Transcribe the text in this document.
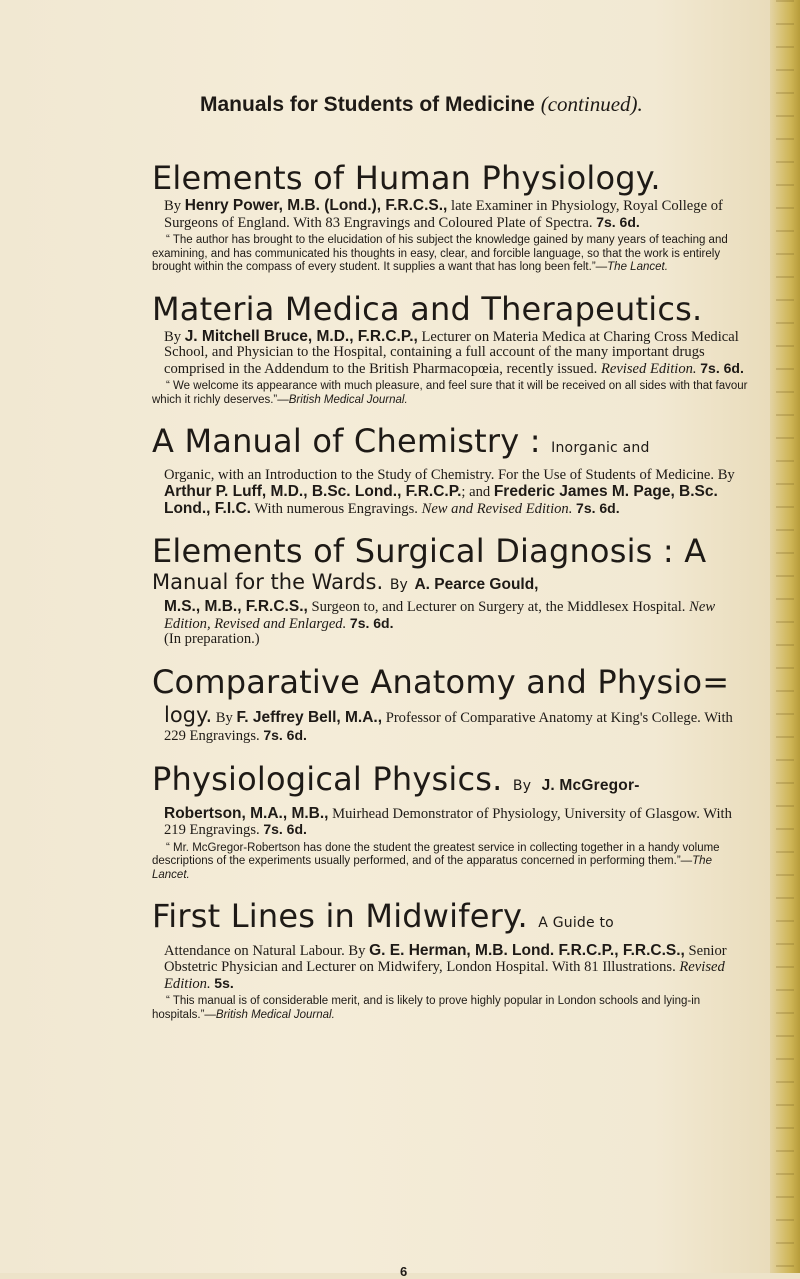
Manuals for Students of Medicine (continued).
Elements of Human Physiology.
By Henry Power, M.B. (Lond.), F.R.C.S., late Examiner in Physiology, Royal College of Surgeons of England. With 83 Engravings and Coloured Plate of Spectra. 7s. 6d.
“ The author has brought to the elucidation of his subject the knowledge gained by many years of teaching and examining, and has communicated his thoughts in easy, clear, and forcible language, so that the work is entirely brought within the compass of every student. It supplies a want that has long been felt.”—The Lancet.
Materia Medica and Therapeutics.
By J. Mitchell Bruce, M.D., F.R.C.P., Lecturer on Materia Medica at Charing Cross Medical School, and Physician to the Hospital, containing a full account of the many important drugs comprised in the Addendum to the British Pharmacopœia, recently issued. Revised Edition. 7s. 6d.
“ We welcome its appearance with much pleasure, and feel sure that it will be received on all sides with that favour which it richly deserves.”—British Medical Journal.
A Manual of Chemistry : Inorganic and
Organic, with an Introduction to the Study of Chemistry. For the Use of Students of Medicine. By Arthur P. Luff, M.D., B.Sc. Lond., F.R.C.P.; and Frederic James M. Page, B.Sc. Lond., F.I.C. With numerous Engravings. New and Revised Edition. 7s. 6d.
Elements of Surgical Diagnosis : A
Manual for the Wards. By A. Pearce Gould,
M.S., M.B., F.R.C.S., Surgeon to, and Lecturer on Surgery at, the Middlesex Hospital. New Edition, Revised and Enlarged. 7s. 6d.
(In preparation.)
Comparative Anatomy and Physio=
logy. By F. Jeffrey Bell, M.A., Professor of Comparative Anatomy at King's College. With 229 Engravings. 7s. 6d.
Physiological Physics. By J. McGregor-
Robertson, M.A., M.B., Muirhead Demonstrator of Physiology, University of Glasgow. With 219 Engravings. 7s. 6d.
“ Mr. McGregor-Robertson has done the student the greatest service in collecting together in a handy volume descriptions of the experiments usually performed, and of the apparatus concerned in performing them.”—The Lancet.
First Lines in Midwifery. A Guide to
Attendance on Natural Labour. By G. E. Herman, M.B. Lond. F.R.C.P., F.R.C.S., Senior Obstetric Physician and Lecturer on Midwifery, London Hospital. With 81 Illustrations. Revised Edition. 5s.
“ This manual is of considerable merit, and is likely to prove highly popular in London schools and lying-in hospitals.”—British Medical Journal.
6
